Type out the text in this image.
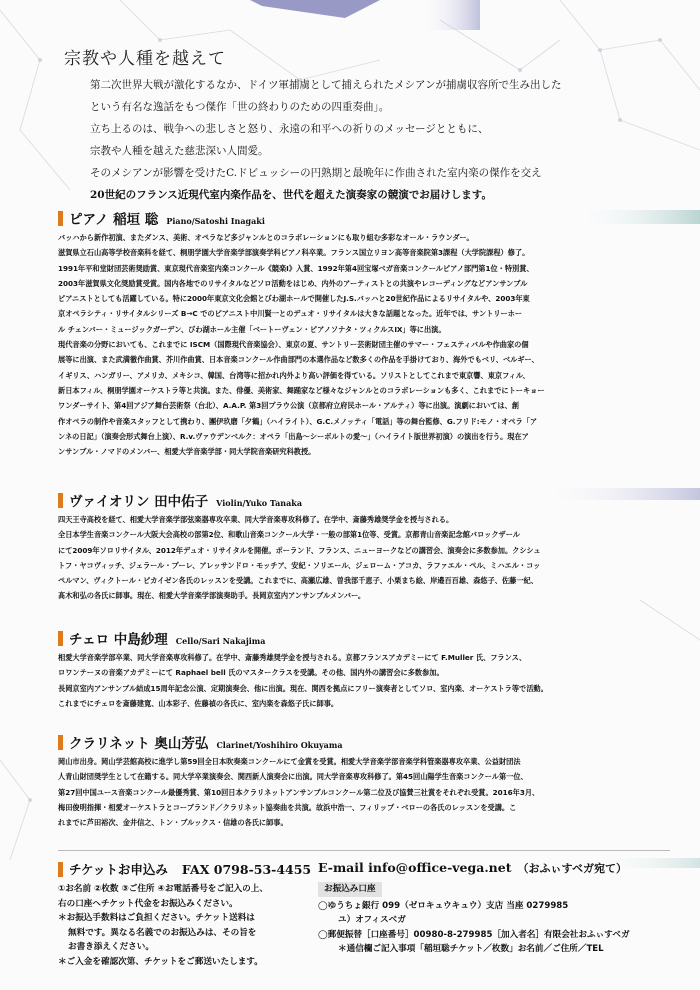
宗教や人種を越えて
第二次世界大戦が激化するなか、ドイツ軍捕虜として捕えられたメシアンが捕虜収容所で生み出した
という有名な逸話をもつ傑作「世の終わりのための四重奏曲」。
立ち上るのは、戦争への悲しさと怒り、永遠の和平への祈りのメッセージとともに、
宗教や人種を越えた慈悲深い人間愛。
そのメシアンが影響を受けたC.ドビュッシーの円熟期と最晩年に作曲された室内楽の傑作を交え
20世紀のフランス近現代室内楽作品を、世代を超えた演奏家の競演でお届けします。
ピアノ 稲垣 聡 Piano/Satoshi Inagaki
バッハから新作初演、またダンス、美術、オペラなど多ジャンルとのコラボレーションにも取り組む多彩なオール・ラウンダー。
滋賀県立石山高等学校音楽科を経て、桐朋学園大学音楽学部演奏学科ピアノ科卒業。フランス国立リヨン高等音楽院第3課程（大学院課程）修了。
1991年平和堂財団芸術奨励賞、東京現代音楽室内楽コンクール《競楽Ⅰ》入賞、1992年第4回宝塚ベガ音楽コンクールピアノ部門第1位・特別賞、
2003年滋賀県文化奨励賞受賞。国内各地でのリサイタルなどソロ活動をはじめ、内外のアーティストとの共演やレコーディングなどアンサンブル
ピアニストとしても活躍している。特に2000年東京文化会館とびわ湖ホールで開催したJ.S.バッハと20世紀作品によるリサイタルや、2003年東
京オペラシティ・リサイタルシリーズ B→C でのピアニスト中川賢一とのデュオ・リサイタルは大きな話題となった。近年では、サントリーホー
ル チェンバー・ミュージックガーデン、びわ湖ホール主催「ベートーヴェン・ピアノソナタ・ツィクルスⅨ」等に出演。
現代音楽の分野においても、これまでに ISCM（国際現代音楽協会）、東京の夏、サントリー芸術財団主催のサマー・フェスティバルや作曲家の個
展等に出演、また武満徹作曲賞、芥川作曲賞、日本音楽コンクール作曲部門の本選作品など数多くの作品を手掛けており、海外でもベリ、ベルギー、
イギリス、ハンガリー、アメリカ、メキシコ、韓国、台湾等に招かれ内外より高い評価を得ている。ソリストとしてこれまで東京響、東京フィル、
新日本フィル、桐朋学園オーケストラ等と共演。また、俳優、美術家、舞踊家など様々なジャンルとのコラボレーションも多く、これまでにトーキョー
ワンダーサイト、第4回アジア舞台芸術祭（台北）、A.A.P. 第3回プラウ公演（京都府立府民ホール・アルティ）等に出演。演劇においては、創
作オペラの制作や音楽スタッフとして携わり、團伊玖磨「夕鶴」（ハイライト）、G.C.メノッティ「電話」等の舞台監修、G.フリド:モノ・オペラ「ア
ンネの日記」（演奏会形式舞台上演）、R.v.ヴァウデンベルク：オペラ「出島～シーボルトの愛～」（ハイライト版世界初演）の演出を行う。現在ア
ンサンブル・ノマドのメンバー、相愛大学音楽学部・同大学院音楽研究科教授。
ヴァイオリン 田中佑子 Violin/Yuko Tanaka
四天王寺高校を経て、相愛大学音楽学部弦楽器専攻卒業、同大学音楽専攻科修了。在学中、斎藤秀雄奨学金を授与される。
全日本学生音楽コンクール大阪大会高校の部第2位、和歌山音楽コンクール大学・一般の部第1位等、受賞。京都青山音楽記念館バロックザール
にて2009年ソロリサイタル、2012年デュオ・リサイタルを開催。ポーランド、フランス、ニューヨークなどの講習会、演奏会に多数参加。クシシュ
トフ・ヤコヴィッチ、ジェラール・プーレ、アレッサンドロ・モッチア、安紀・ソリエール、ジェローム・アコカ、ラファエル・ペル、ミハエル・コッ
ペルマン、ヴィクトール・ピカイゼン各氏のレッスンを受講。これまでに、高瀬広雄、曽我部千恵子、小栗まち絵、岸邉百百雄、森悠子、佐藤一紀、
髙木和弘の各氏に師事。現在、相愛大学音楽学部演奏助手。長岡京室内アンサンブルメンバー。
チェロ 中島紗理 Cello/Sari Nakajima
相愛大学音楽学部卒業、同大学音楽専攻科修了。在学中、斎藤秀雄奨学金を授与される。京都フランスアカデミーにて F.Muller 氏、フランス、
ロワンテーヌの音楽アカデミーにて Raphael bell 氏のマスタークラスを受講。その他、国内外の講習会に多数参加。
長岡京室内アンサンブル結成15周年記念公演、定期演奏会、他に出演。現在、関西を拠点にフリー演奏者としてソロ、室内楽、オーケストラ等で活動。
これまでにチェロを斎藤建寛、山本彩子、佐藤禎の各氏に、室内楽を森悠子氏に師事。
クラリネット 奥山芳弘 Clarinet/Yoshihiro Okuyama
岡山市出身。岡山学芸館高校に進学し第59回全日本吹奏楽コンクールにて金賞を受賞。相愛大学音楽学部音楽学科管楽器専攻卒業、公益財団法
人青山財団奨学生として在籍する。同大学卒業演奏会、関西新人演奏会に出演。同大学音楽専攻科修了。第45回山陽学生音楽コンクール第一位、
第27回中国ユース音楽コンクール最優秀賞、第10回日本クラリネットアンサンブルコンクール第二位及び協賛三社賞をそれぞれ受賞。2016年3月、
梅田俊明指揮・相愛オーケストラとコープランド／クラリネット協奏曲を共演。故浜中浩一、フィリップ・ベローの各氏のレッスンを受講。こ
れまでに芦田裕次、金井信之、トン・ブルックス・信雄の各氏に師事。
チケットお申込み FAX 0798-53-4455 E-mail info@office-vega.net （おふぃすベガ宛て）
①お名前 ②枚数 ③ご住所 ④お電話番号をご記入の上、
右の口座へチケット代金をお振込みください。
＊お振込手数料はご負担ください。チケット送料は
無料です。異なる名義でのお振込みは、その旨を
お書き添えください。
＊ご入金を確認次第、チケットをご郵送いたします。
お振込み口座
◯ゆうちょ銀行 099（ゼロキュウキュウ）支店 当座 0279985
ユ）オフィスベガ
◯郵便振替［口座番号］00980-8-279985［加入者名］有限会社おふぃすベガ
＊通信欄ご記入事項「稲垣聡チケット／枚数」お名前／ご住所／TEL
